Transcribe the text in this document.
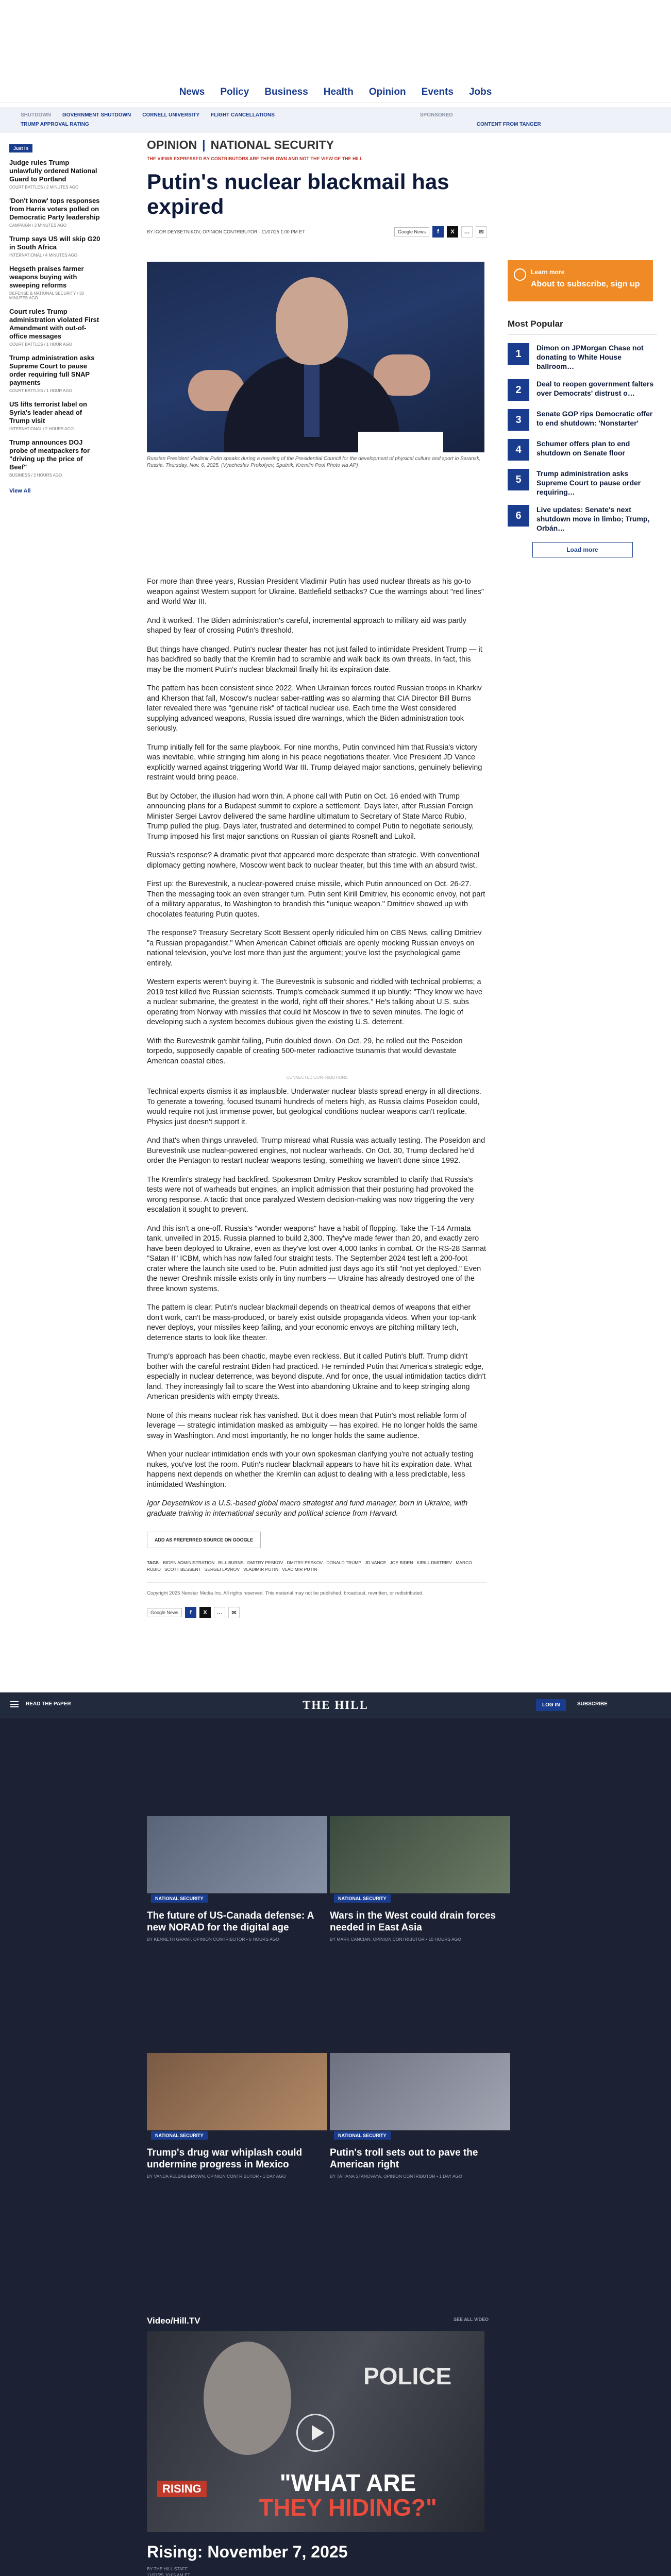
News Policy Business Health Opinion Events Jobs
SHUTDOWN GOVERNMENT SHUTDOWN CORNELL UNIVERSITY FLIGHT CANCELLATIONS	SPONSORED
TRUMP APPROVAL RATING	CONTENT FROM TANGER
Just In
Judge rules Trump unlawfully ordered National Guard to Portland
COURT BATTLES / 2 MINUTES AGO
'Don't know' tops responses from Harris voters polled on Democratic Party leadership
CAMPAIGN / 2 MINUTES AGO
Trump says US will skip G20 in South Africa
INTERNATIONAL / 4 MINUTES AGO
Hegseth praises farmer weapons buying with sweeping reforms
DEFENSE & NATIONAL SECURITY / 30 MINUTES AGO
Court rules Trump administration violated First Amendment with out-of-office messages
COURT BATTLES / 1 HOUR AGO
Trump administration asks Supreme Court to pause order requiring full SNAP payments
COURT BATTLES / 1 HOUR AGO
US lifts terrorist label on Syria's leader ahead of Trump visit
INTERNATIONAL / 2 HOURS AGO
Trump announces DOJ probe of meatpackers for "driving up the price of Beef"
BUSINESS / 2 HOURS AGO
View All
OPINION | NATIONAL SECURITY
THE VIEWS EXPRESSED BY CONTRIBUTORS ARE THEIR OWN AND NOT THE VIEW OF THE HILL
Putin's nuclear blackmail has expired
BY IGOR DEYSETNIKOV, OPINION CONTRIBUTOR - 11/07/25 1:00 PM ET	Google News	f	X	…	✉
Russian President Vladimir Putin speaks during a meeting of the Presidential Council for the development of physical culture and sport in Saransk, Russia, Thursday, Nov. 6, 2025. (Vyacheslav Prokofyev, Sputnik, Kremlin Pool Photo via AP)

For more than three years, Russian President Vladimir Putin has used nuclear threats as his go-to weapon against Western support for Ukraine. Battlefield setbacks? Cue the warnings about "red lines" and World War III.

And it worked. The Biden administration's careful, incremental approach to military aid was partly shaped by fear of crossing Putin's threshold.

But things have changed. Putin's nuclear theater has not just failed to intimidate President Trump — it has backfired so badly that the Kremlin had to scramble and walk back its own threats. In fact, this may be the moment Putin's nuclear blackmail finally hit its expiration date.

The pattern has been consistent since 2022. When Ukrainian forces routed Russian troops in Kharkiv and Kherson that fall, Moscow's nuclear saber-rattling was so alarming that CIA Director Bill Burns later revealed there was "genuine risk" of tactical nuclear use. Each time the West considered supplying advanced weapons, Russia issued dire warnings, which the Biden administration took seriously.

Trump initially fell for the same playbook. For nine months, Putin convinced him that Russia's victory was inevitable, while stringing him along in his peace negotiations theater. Vice President JD Vance explicitly warned against triggering World War III. Trump delayed major sanctions, genuinely believing restraint would bring peace.

But by October, the illusion had worn thin. A phone call with Putin on Oct. 16 ended with Trump announcing plans for a Budapest summit to explore a settlement. Days later, after Russian Foreign Minister Sergei Lavrov delivered the same hardline ultimatum to Secretary of State Marco Rubio, Trump pulled the plug. Days later, frustrated and determined to compel Putin to negotiate seriously, Trump imposed his first major sanctions on Russian oil giants Rosneft and Lukoil.

Russia's response? A dramatic pivot that appeared more desperate than strategic. With conventional diplomacy getting nowhere, Moscow went back to nuclear theater, but this time with an absurd twist.

First up: the Burevestnik, a nuclear-powered cruise missile, which Putin announced on Oct. 26-27. Then the messaging took an even stranger turn. Putin sent Kirill Dmitriev, his economic envoy, not part of a military apparatus, to Washington to brandish this "unique weapon." Dmitriev showed up with chocolates featuring Putin quotes.

The response? Treasury Secretary Scott Bessent openly ridiculed him on CBS News, calling Dmitriev "a Russian propagandist." When American Cabinet officials are openly mocking Russian envoys on national television, you've lost more than just the argument; you've lost the psychological game entirely.

Western experts weren't buying it. The Burevestnik is subsonic and riddled with technical problems; a 2019 test killed five Russian scientists. Trump's comeback summed it up bluntly: "They know we have a nuclear submarine, the greatest in the world, right off their shores." He's talking about U.S. subs operating from Norway with missiles that could hit Moscow in five to seven minutes. The logic of developing such a system becomes dubious given the existing U.S. deterrent.

With the Burevestnik gambit failing, Putin doubled down. On Oct. 29, he rolled out the Poseidon torpedo, supposedly capable of creating 500-meter radioactive tsunamis that would devastate American coastal cities.

CONNECTED CONTRIBUTIONS

Technical experts dismiss it as implausible. Underwater nuclear blasts spread energy in all directions. To generate a towering, focused tsunami hundreds of meters high, as Russia claims Poseidon could, would require not just immense power, but geological conditions nuclear weapons can't replicate. Physics just doesn't support it.

And that's when things unraveled. Trump misread what Russia was actually testing. The Poseidon and Burevestnik use nuclear-powered engines, not nuclear warheads. On Oct. 30, Trump declared he'd order the Pentagon to restart nuclear weapons testing, something we haven't done since 1992.

The Kremlin's strategy had backfired. Spokesman Dmitry Peskov scrambled to clarify that Russia's tests were not of warheads but engines, an implicit admission that their posturing had provoked the wrong response. A tactic that once paralyzed Western decision-making was now triggering the very escalation it sought to prevent.

And this isn't a one-off. Russia's "wonder weapons" have a habit of flopping. Take the T-14 Armata tank, unveiled in 2015. Russia planned to build 2,300. They've made fewer than 20, and exactly zero have been deployed to Ukraine, even as they've lost over 4,000 tanks in combat. Or the RS-28 Sarmat "Satan II" ICBM, which has now failed four straight tests. The September 2024 test left a 200-foot crater where the launch site used to be. Putin admitted just days ago it's still "not yet deployed." Even the newer Oreshnik missile exists only in tiny numbers — Ukraine has already destroyed one of the three known systems.

The pattern is clear: Putin's nuclear blackmail depends on theatrical demos of weapons that either don't work, can't be mass-produced, or barely exist outside propaganda videos. When your top-tank never deploys, your missiles keep failing, and your economic envoys are pitching military tech, deterrence starts to look like theater.

Trump's approach has been chaotic, maybe even reckless. But it called Putin's bluff. Trump didn't bother with the careful restraint Biden had practiced. He reminded Putin that America's strategic edge, especially in nuclear deterrence, was beyond dispute. And for once, the usual intimidation tactics didn't land. They increasingly fail to scare the West into abandoning Ukraine and to keep stringing along American presidents with empty threats.

None of this means nuclear risk has vanished. But it does mean that Putin's most reliable form of leverage — strategic intimidation masked as ambiguity — has expired. He no longer holds the same sway in Washington. And most importantly, he no longer holds the same audience.

When your nuclear intimidation ends with your own spokesman clarifying you're not actually testing nukes, you've lost the room. Putin's nuclear blackmail appears to have hit its expiration date. What happens next depends on whether the Kremlin can adjust to dealing with a less predictable, less intimidated Washington.

Igor Deysetnikov is a U.S.-based global macro strategist and fund manager, born in Ukraine, with graduate training in international security and political science from Harvard.

ADD AS PREFERRED SOURCE ON GOOGLE
TAGS BIDEN ADMINISTRATION BILL BURNS DMITRY PESKOV DMITRY PESKOV DONALD TRUMP JD VANCE JOE BIDEN KIRILL DMITRIEV MARCO RUBIO SCOTT BESSENT SERGEI LAVROV VLADIMIR PUTIN VLADIMIR PUTIN
Copyright 2025 Nexstar Media Inc. All rights reserved. This material may not be published, broadcast, rewritten, or redistributed.
Google News	f	X	…	✉
Learn more
About to subscribe, sign up
Most Popular
1
Dimon on JPMorgan Chase not donating to White House ballroom…
2
Deal to reopen government falters over Democrats' distrust o…
3
Senate GOP rips Democratic offer to end shutdown: 'Nonstarter'
4
Schumer offers plan to end shutdown on Senate floor
5
Trump administration asks Supreme Court to pause order requiring…
6
Live updates: Senate's next shutdown move in limbo; Trump, Orbán…
Load more
READ THE PAPER	THE HILL	LOG IN	SUBSCRIBE
NATIONAL SECURITY
The future of US-Canada defense: A new NORAD for the digital age
BY KENNETH GRANT, OPINION CONTRIBUTOR • 6 HOURS AGO
NATIONAL SECURITY
Wars in the West could drain forces needed in East Asia
BY MARK CANCIAN, OPINION CONTRIBUTOR • 10 HOURS AGO
NATIONAL SECURITY
Trump's drug war whiplash could undermine progress in Mexico
BY VANDA FELBAB-BROWN, OPINION CONTRIBUTOR • 1 DAY AGO
NATIONAL SECURITY
Putin's troll sets out to pave the American right
BY TATIANA STANOVAYA, OPINION CONTRIBUTOR • 1 DAY AGO
Video/Hill.TV	SEE ALL VIDEO
POLICE
RISING	"WHAT ARE
THEY HIDING?"
Rising: November 7, 2025
BY THE HILL STAFF
11/07/25 10:05 AM ET
